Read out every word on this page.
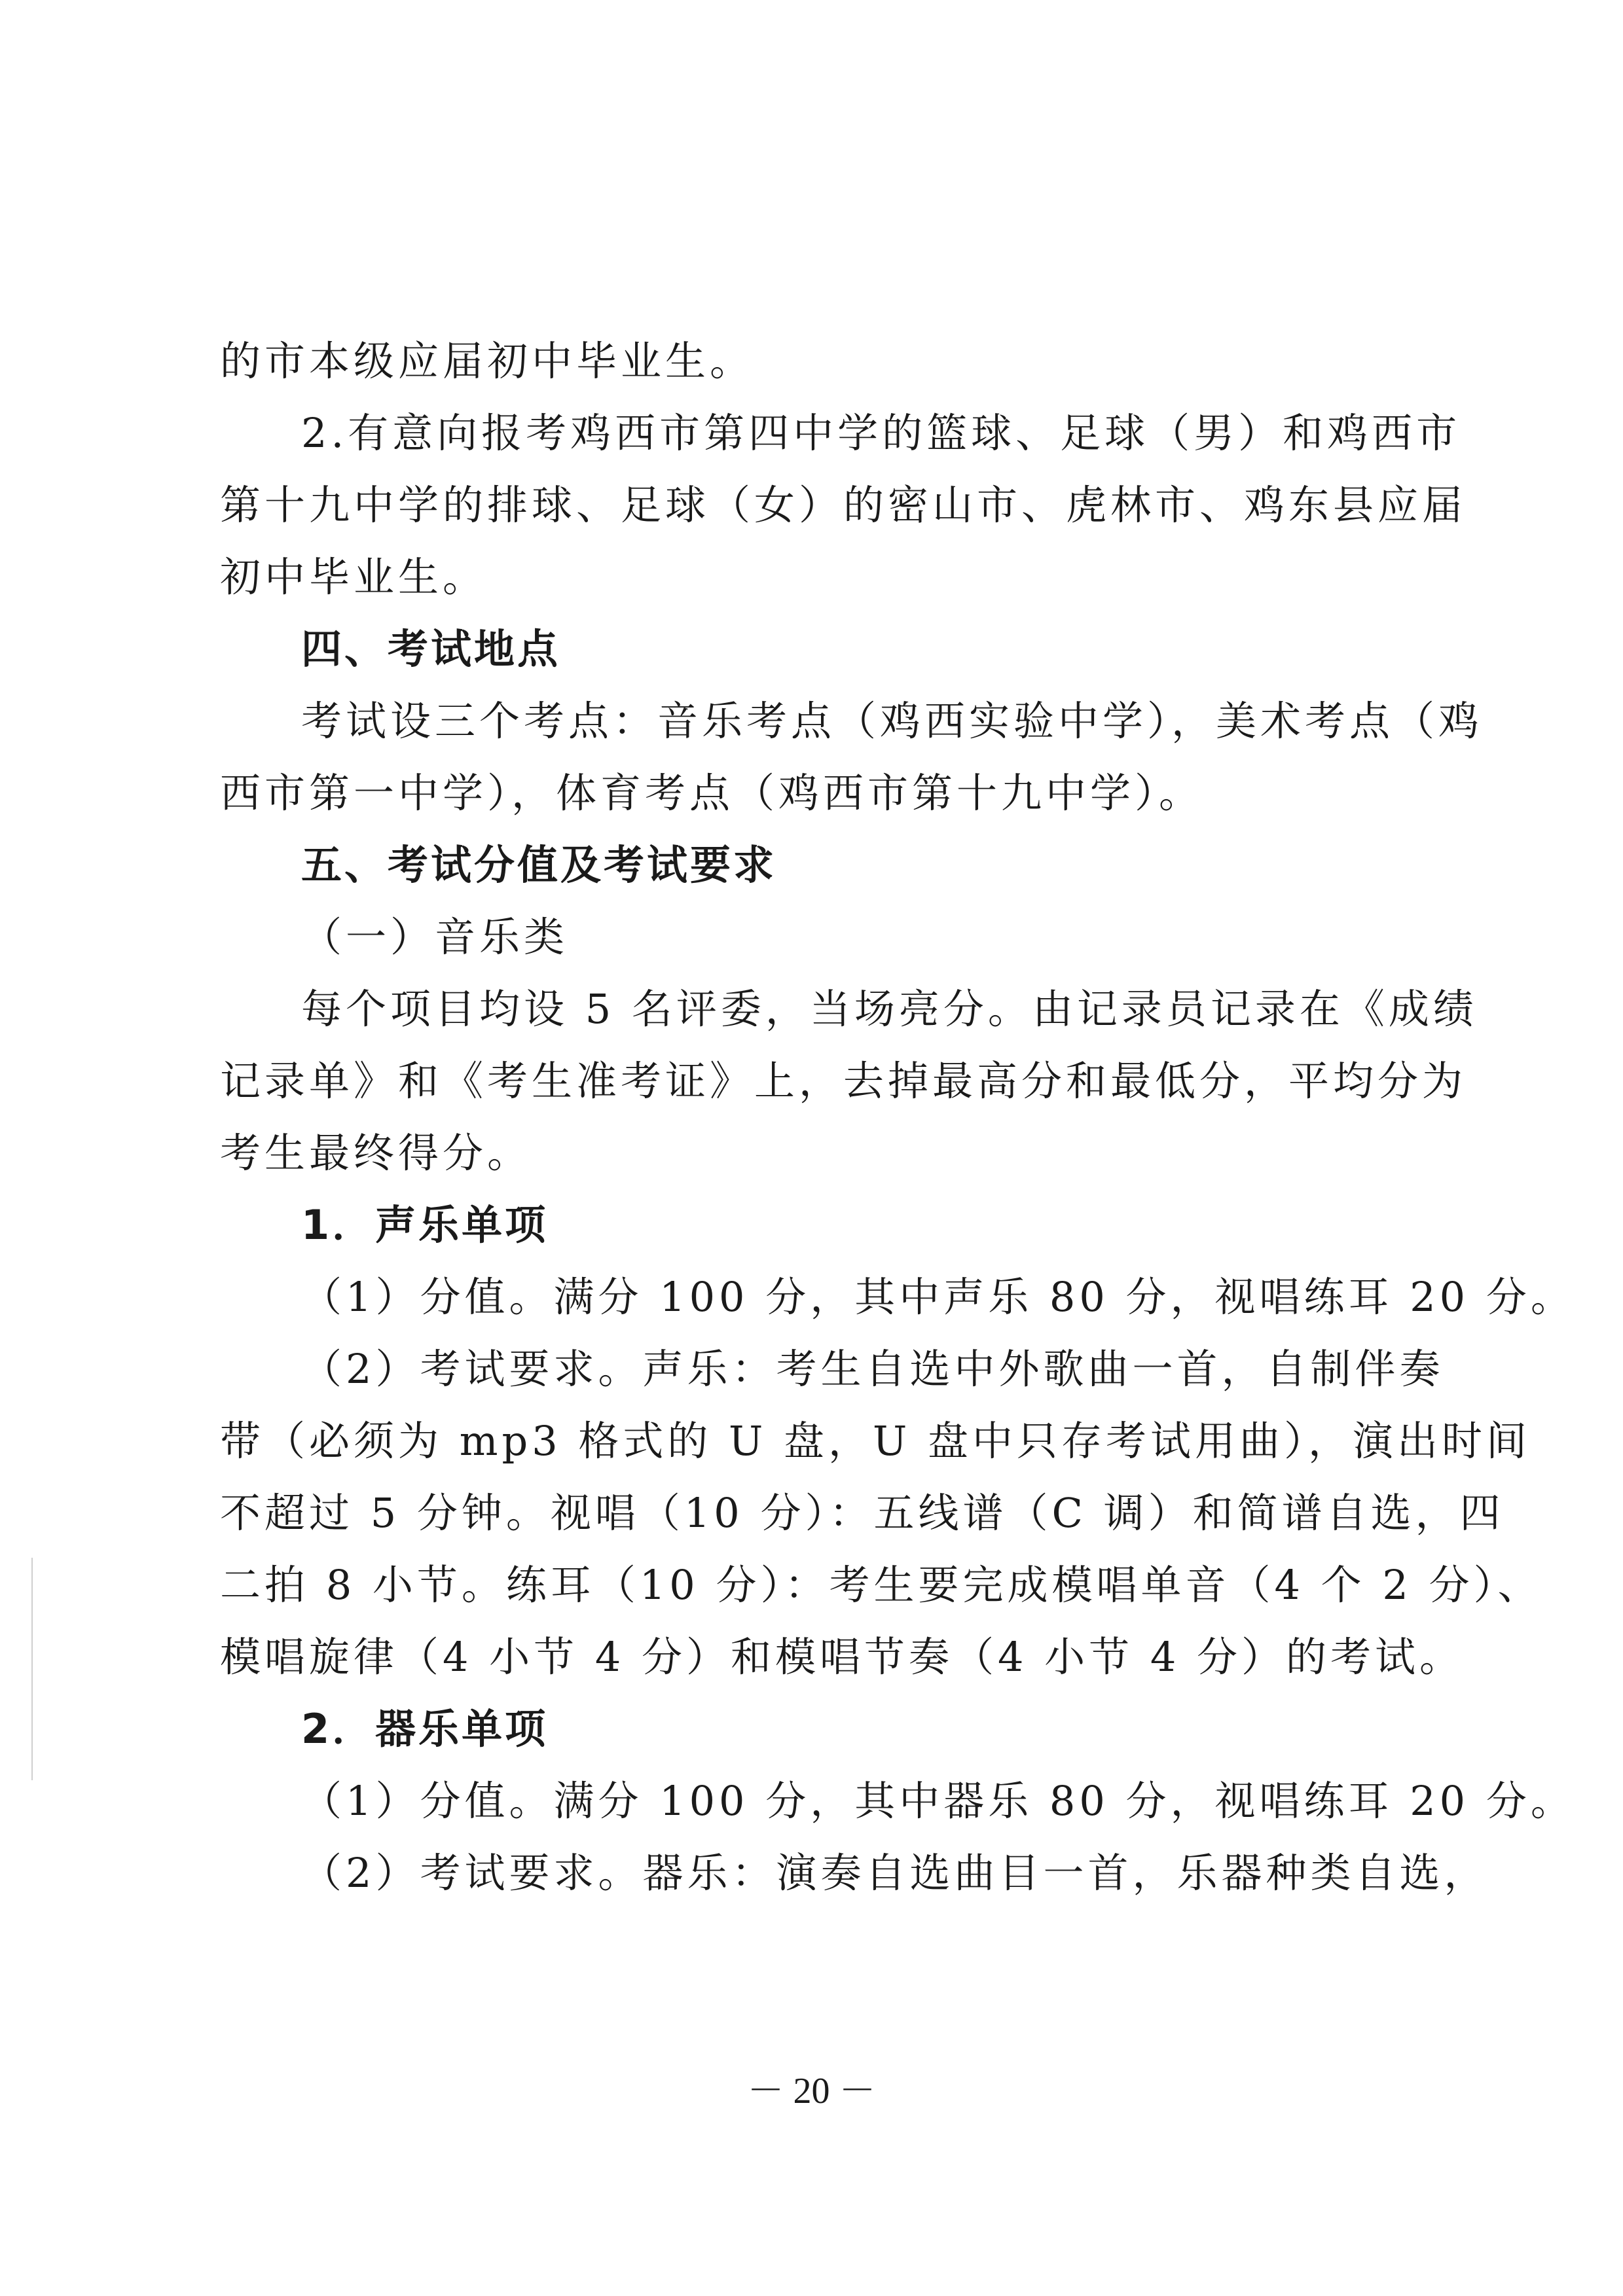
的市本级应届初中毕业生。
2.有意向报考鸡西市第四中学的篮球、足球（男）和鸡西市
第十九中学的排球、足球（女）的密山市、虎林市、鸡东县应届
初中毕业生。
四、考试地点
考试设三个考点：音乐考点（鸡西实验中学），美术考点（鸡
西市第一中学），体育考点（鸡西市第十九中学）。
五、考试分值及考试要求
（一）音乐类
每个项目均设 5 名评委，当场亮分。由记录员记录在《成绩
记录单》和《考生准考证》上，去掉最高分和最低分，平均分为
考生最终得分。
1．声乐单项
（1）分值。满分 100 分，其中声乐 80 分，视唱练耳 20 分。
（2）考试要求。声乐：考生自选中外歌曲一首，自制伴奏
带（必须为 mp3 格式的 U 盘，U 盘中只存考试用曲），演出时间
不超过 5 分钟。视唱（10 分）：五线谱（C 调）和简谱自选，四
二拍 8 小节。练耳（10 分）：考生要完成模唱单音（4 个 2 分）、
模唱旋律（4 小节 4 分）和模唱节奏（4 小节 4 分）的考试。
2．器乐单项
（1）分值。满分 100 分，其中器乐 80 分，视唱练耳 20 分。
（2）考试要求。器乐：演奏自选曲目一首，乐器种类自选，
－ 20 －
